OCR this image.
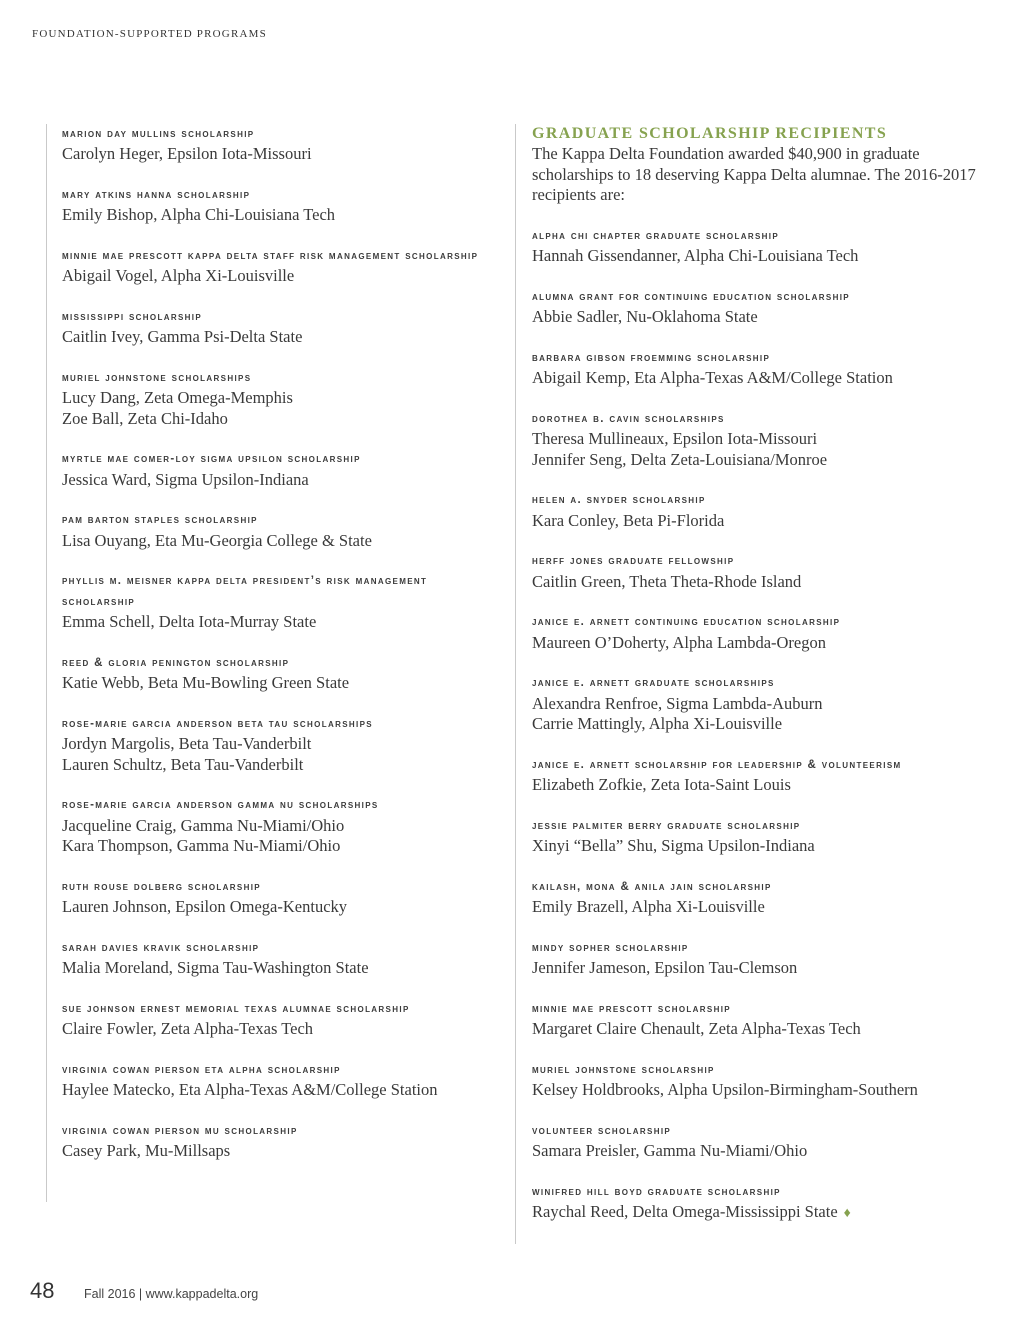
FOUNDATION-SUPPORTED PROGRAMS
marion day mullins scholarship
Carolyn Heger, Epsilon Iota-Missouri
mary atkins hanna scholarship
Emily Bishop, Alpha Chi-Louisiana Tech
minnie mae prescott kappa delta staff risk management scholarship
Abigail Vogel, Alpha Xi-Louisville
mississippi scholarship
Caitlin Ivey, Gamma Psi-Delta State
muriel johnstone scholarships
Lucy Dang, Zeta Omega-Memphis
Zoe Ball, Zeta Chi-Idaho
myrtle mae comer-loy sigma upsilon scholarship
Jessica Ward, Sigma Upsilon-Indiana
pam barton staples scholarship
Lisa Ouyang, Eta Mu-Georgia College & State
phyllis m. meisner kappa delta president’s risk management scholarship
Emma Schell, Delta Iota-Murray State
reed & gloria penington scholarship
Katie Webb, Beta Mu-Bowling Green State
rose-marie garcia anderson beta tau scholarships
Jordyn Margolis, Beta Tau-Vanderbilt
Lauren Schultz, Beta Tau-Vanderbilt
rose-marie garcia anderson gamma nu scholarships
Jacqueline Craig, Gamma Nu-Miami/Ohio
Kara Thompson, Gamma Nu-Miami/Ohio
ruth rouse dolberg scholarship
Lauren Johnson, Epsilon Omega-Kentucky
sarah davies kravik scholarship
Malia Moreland, Sigma Tau-Washington State
sue johnson ernest memorial texas alumnae scholarship
Claire Fowler, Zeta Alpha-Texas Tech
virginia cowan pierson eta alpha scholarship
Haylee Matecko, Eta Alpha-Texas A&M/College Station
virginia cowan pierson mu scholarship
Casey Park, Mu-Millsaps
GRADUATE SCHOLARSHIP RECIPIENTS
The Kappa Delta Foundation awarded $40,900 in graduate scholarships to 18 deserving Kappa Delta alumnae. The 2016-2017 recipients are:
alpha chi chapter graduate scholarship
Hannah Gissendanner, Alpha Chi-Louisiana Tech
alumna grant for continuing education scholarship
Abbie Sadler, Nu-Oklahoma State
barbara gibson froemming scholarship
Abigail Kemp, Eta Alpha-Texas A&M/College Station
dorothea b. cavin scholarships
Theresa Mullineaux, Epsilon Iota-Missouri
Jennifer Seng, Delta Zeta-Louisiana/Monroe
helen a. snyder scholarship
Kara Conley, Beta Pi-Florida
herff jones graduate fellowship
Caitlin Green, Theta Theta-Rhode Island
janice e. arnett continuing education scholarship
Maureen O’Doherty, Alpha Lambda-Oregon
janice e. arnett graduate scholarships
Alexandra Renfroe, Sigma Lambda-Auburn
Carrie Mattingly, Alpha Xi-Louisville
janice e. arnett scholarship for leadership & volunteerism
Elizabeth Zofkie, Zeta Iota-Saint Louis
jessie palmiter berry graduate scholarship
Xinyi “Bella” Shu, Sigma Upsilon-Indiana
kailash, mona & anila jain scholarship
Emily Brazell, Alpha Xi-Louisville
mindy sopher scholarship
Jennifer Jameson, Epsilon Tau-Clemson
minnie mae prescott scholarship
Margaret Claire Chenault, Zeta Alpha-Texas Tech
muriel johnstone scholarship
Kelsey Holdbrooks, Alpha Upsilon-Birmingham-Southern
volunteer scholarship
Samara Preisler, Gamma Nu-Miami/Ohio
winifred hill boyd graduate scholarship
Raychal Reed, Delta Omega-Mississippi State ♦
48 Fall 2016 | www.kappadelta.org
